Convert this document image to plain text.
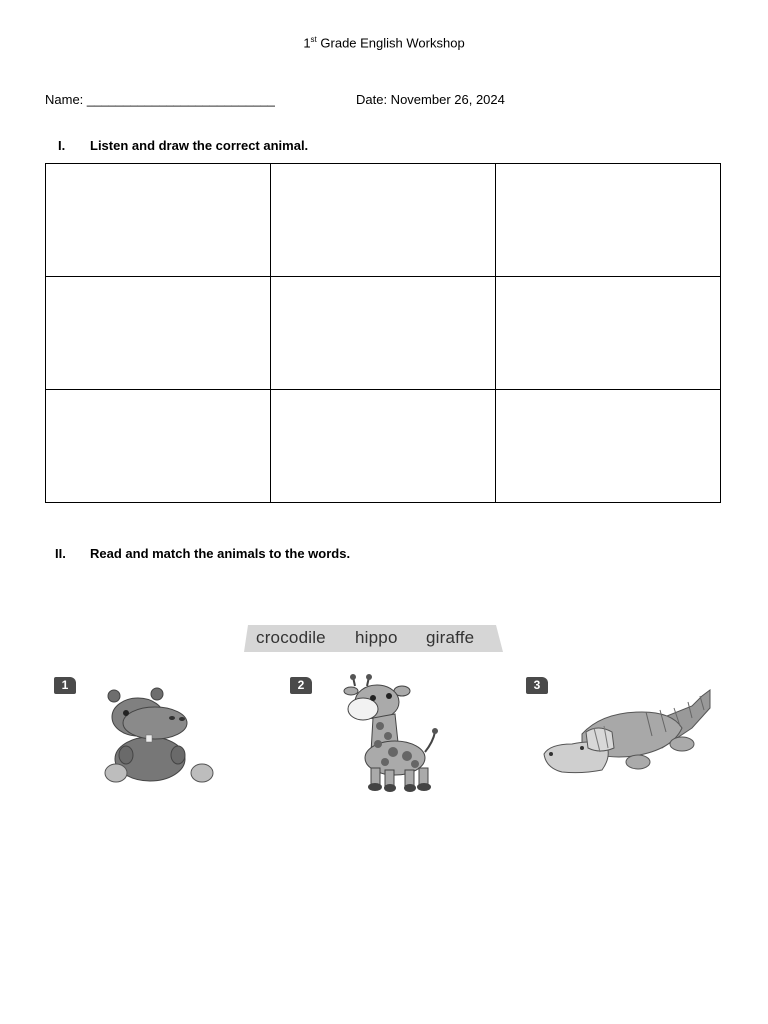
1st Grade English Workshop
Name: __________________________	Date: November 26, 2024
I. Listen and draw the correct animal.

II. Read and match the animals to the words.
crocodile hippo giraffe
1	2	3
